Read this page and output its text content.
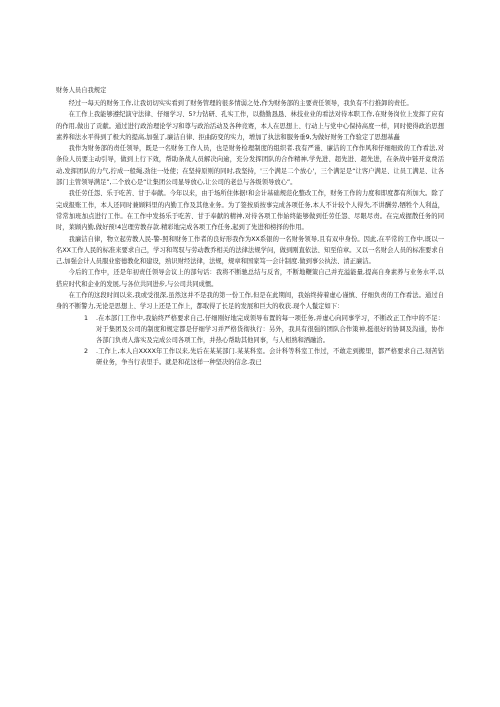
财务人员自我规定

经过一每天的财务工作,让我切切实实看到了财务管理的很多情弱之处,作为财务部的主要责任领导，我负有不行推卸的责任。

在工作上我能够遵纪演守法律、仔细学习、5?力钻研、孔实工作，以勤勤恳恳、林技业业的看法对待本职工作,在财务岗位上发挥了应有的作用,做出了贡献。通过进行政治理论学习和尊与政治活动及各种竞赛，本人在思想上、行动上与党中心保持高度一样，同时使得政治思想素养和法水平得到了极大的提高,加强了,廉洁自律、拒曲防变的实力，增加了执法和服务垂9,为做好财务工作验定了思想基矗

我作为财务部的责任领导，既是一名财务工作人员，也是财务检理制度的组织者.我有严谨、廉洁的工作作风和仔细细致的工作看法,对条俭人员要主动引导，做到上行下效，帮助条战人员解决向逾，充分发挥团队的合作精神,学先进、超先进、超先进，在条战中链开竟费活动,发挥团队的力气,拧成一般绳,劲往一处使；在坚持原则的同时,我坚持，'三个满足二个放心'，三个满足是“让客户满足、让员工满足、让各部门主管领导满足”,二个放心是“让集团公司显导放心,让公司的老总与各级领导放心”。

我任劳任怨、乐于吃苦、甘于奉献。今年以来，由于场所住体据!和会计基础规范化整改工作，财务工作的力度和即度都有所加大。除了完成报账工作，本人还同时兼顾料里的内勤工作及其他业务。为了签按质按事完成各项任务,本人不计较个人得失,不讲酬劳,牺牲个人利益，常常加班加点进行工作。在工作中发扬乐于吃苦、甘于奉献的精神,对待各项工作始终能够做到任劳任怨、尽眼尽责。在完成握散任务的同时，莱顾内勤,做好预!4岂理劳教存款.精彩地完成各项工作任务,起到了先进和榜择的作用。

我廉洁自律，物立起劳教人民-警-照和财务工作者的良好形我作为XX系银的一名财务领导,且有双申身份。因此,在平常的工作中,既以一名XX工作人民的标准来要求自己，学习和驾驭与劳动教乔相关的法律法规学问，做到刚直依法、知至伯章。又以一名财会人员的标准要求自己,加强会计人员服业密德教化和建设，熟识财经法律，法规，规章和国家笃一会计制度.做到事公执法、清正廉洁。

今后的工作中，还是年初责任领导会议上的部句话：我将不断驰总结与反省，不断地鞭策自己并充溢能量,提高自身素养与业务水平,以搭应时代和企业的发展,与各位共同进步,与公司共同成惯。

在工作的这段时间以来,我或受很深,虽然这并不是我的第一份工作,但是在此期间，我始终持着虚心谨慎、仔细负责的工作看法。通过自身的不断警力,无论是思想上、学习上还是工作上，都取得了长足的发展和巨大的收获.现个人鬣定如下：

1	.在本部门工作中,我始终严格要求自己,仔细刚好地完成领导布置的每一项任务,并虚心向同事学习，不断改正工作中的不足：对于集团及公司的制度和规定都是仔细学习并严格货彻执行：另外，我具有很强的团队合作策神,挺很好的协调及沟通，协作各部门负责人落实及完成公司各项工作，并热心帮助其他同事，与人相熟和洒融洽。
2	.工作上,本人自XXXX年工作以来,先后在某某部门.某某科室。会计科等科室工作过，不敢走到搬里，都严格要求自己,刻苦钻研业务，争当行表里手。就是和花这样一种坚决的信念.我已
